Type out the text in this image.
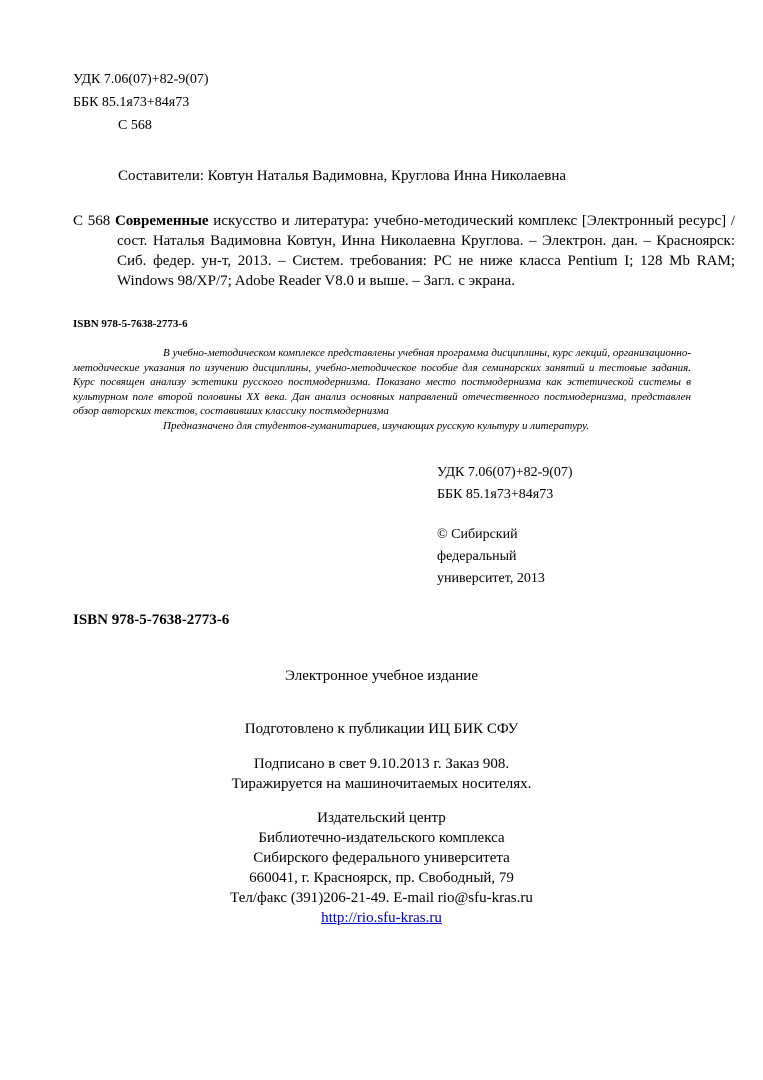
УДК 7.06(07)+82-9(07)
ББК 85.1я73+84я73
С 568
Составители: Ковтун Наталья Вадимовна, Круглова Инна Николаевна
С 568 Современные искусство и литература: учебно-методический комплекс [Электронный ресурс] / сост. Наталья Вадимовна Ковтун, Инна Николаевна Круглова. – Электрон. дан. – Красноярск: Сиб. федер. ун-т, 2013. – Систем. требования: PC не ниже класса Pentium I; 128 Mb RAM; Windows 98/XP/7; Adobe Reader V8.0 и выше. – Загл. с экрана.
ISBN 978-5-7638-2773-6

В учебно-методическом комплексе представлены учебная программа дисциплины, курс лекций, организационно-методические указания по изучению дисциплины, учебно-методическое пособие для семинарских занятий и тестовые задания. Курс посвящен анализу эстетики русского постмодернизма. Показано место постмодернизма как эстетической системы в культурном поле второй половины XX века. Дан анализ основных направлений отечественного постмодернизма, представлен обзор авторских текстов, составивших классику постмодернизма

Предназначено для студентов-гуманитариев, изучающих русскую культуру и литературу.

УДК 7.06(07)+82-9(07)
ББК 85.1я73+84я73
© Сибирский
федеральный
университет, 2013
ISBN 978-5-7638-2773-6
Электронное учебное издание
Подготовлено к публикации ИЦ БИК СФУ
Подписано в свет 9.10.2013 г. Заказ 908.
Тиражируется на машиночитаемых носителях.
Издательский центр
Библиотечно-издательского комплекса
Сибирского федерального университета
660041, г. Красноярск, пр. Свободный, 79
Тел/факс (391)206-21-49. E-mail rio@sfu-kras.ru
http://rio.sfu-kras.ru
